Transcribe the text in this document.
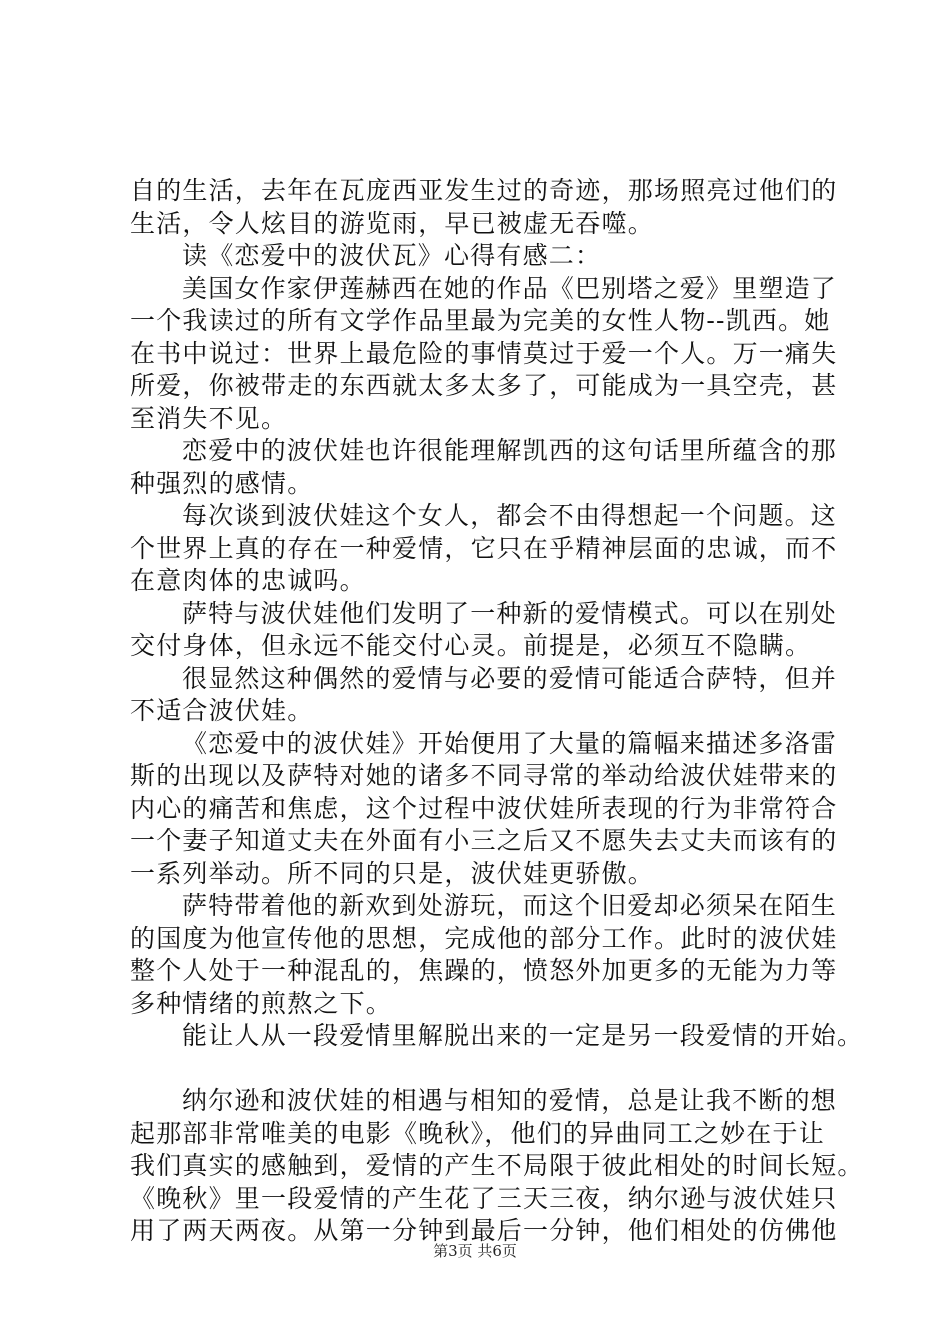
自的生活，去年在瓦庞西亚发生过的奇迹，那场照亮过他们的
生活，令人炫目的游览雨，早已被虚无吞噬。
读《恋爱中的波伏瓦》心得有感二：
美国女作家伊莲赫西在她的作品《巴别塔之爱》里塑造了
一个我读过的所有文学作品里最为完美的女性人物--凯西。她
在书中说过：世界上最危险的事情莫过于爱一个人。万一痛失
所爱，你被带走的东西就太多太多了，可能成为一具空壳，甚
至消失不见。
恋爱中的波伏娃也许很能理解凯西的这句话里所蕴含的那
种强烈的感情。
每次谈到波伏娃这个女人，都会不由得想起一个问题。这
个世界上真的存在一种爱情，它只在乎精神层面的忠诚，而不
在意肉体的忠诚吗。
萨特与波伏娃他们发明了一种新的爱情模式。可以在别处
交付身体，但永远不能交付心灵。前提是，必须互不隐瞒。
很显然这种偶然的爱情与必要的爱情可能适合萨特，但并
不适合波伏娃。
《恋爱中的波伏娃》开始便用了大量的篇幅来描述多洛雷
斯的出现以及萨特对她的诸多不同寻常的举动给波伏娃带来的
内心的痛苦和焦虑，这个过程中波伏娃所表现的行为非常符合
一个妻子知道丈夫在外面有小三之后又不愿失去丈夫而该有的
一系列举动。所不同的只是，波伏娃更骄傲。
萨特带着他的新欢到处游玩，而这个旧爱却必须呆在陌生
的国度为他宣传他的思想，完成他的部分工作。此时的波伏娃
整个人处于一种混乱的，焦躁的，愤怒外加更多的无能为力等
多种情绪的煎熬之下。
能让人从一段爱情里解脱出来的一定是另一段爱情的开始。
纳尔逊和波伏娃的相遇与相知的爱情，总是让我不断的想
起那部非常唯美的电影《晚秋》，他们的异曲同工之妙在于让
我们真实的感触到，爱情的产生不局限于彼此相处的时间长短。
《晚秋》里一段爱情的产生花了三天三夜，纳尔逊与波伏娃只
用了两天两夜。从第一分钟到最后一分钟，他们相处的仿佛他
第3页 共6页
